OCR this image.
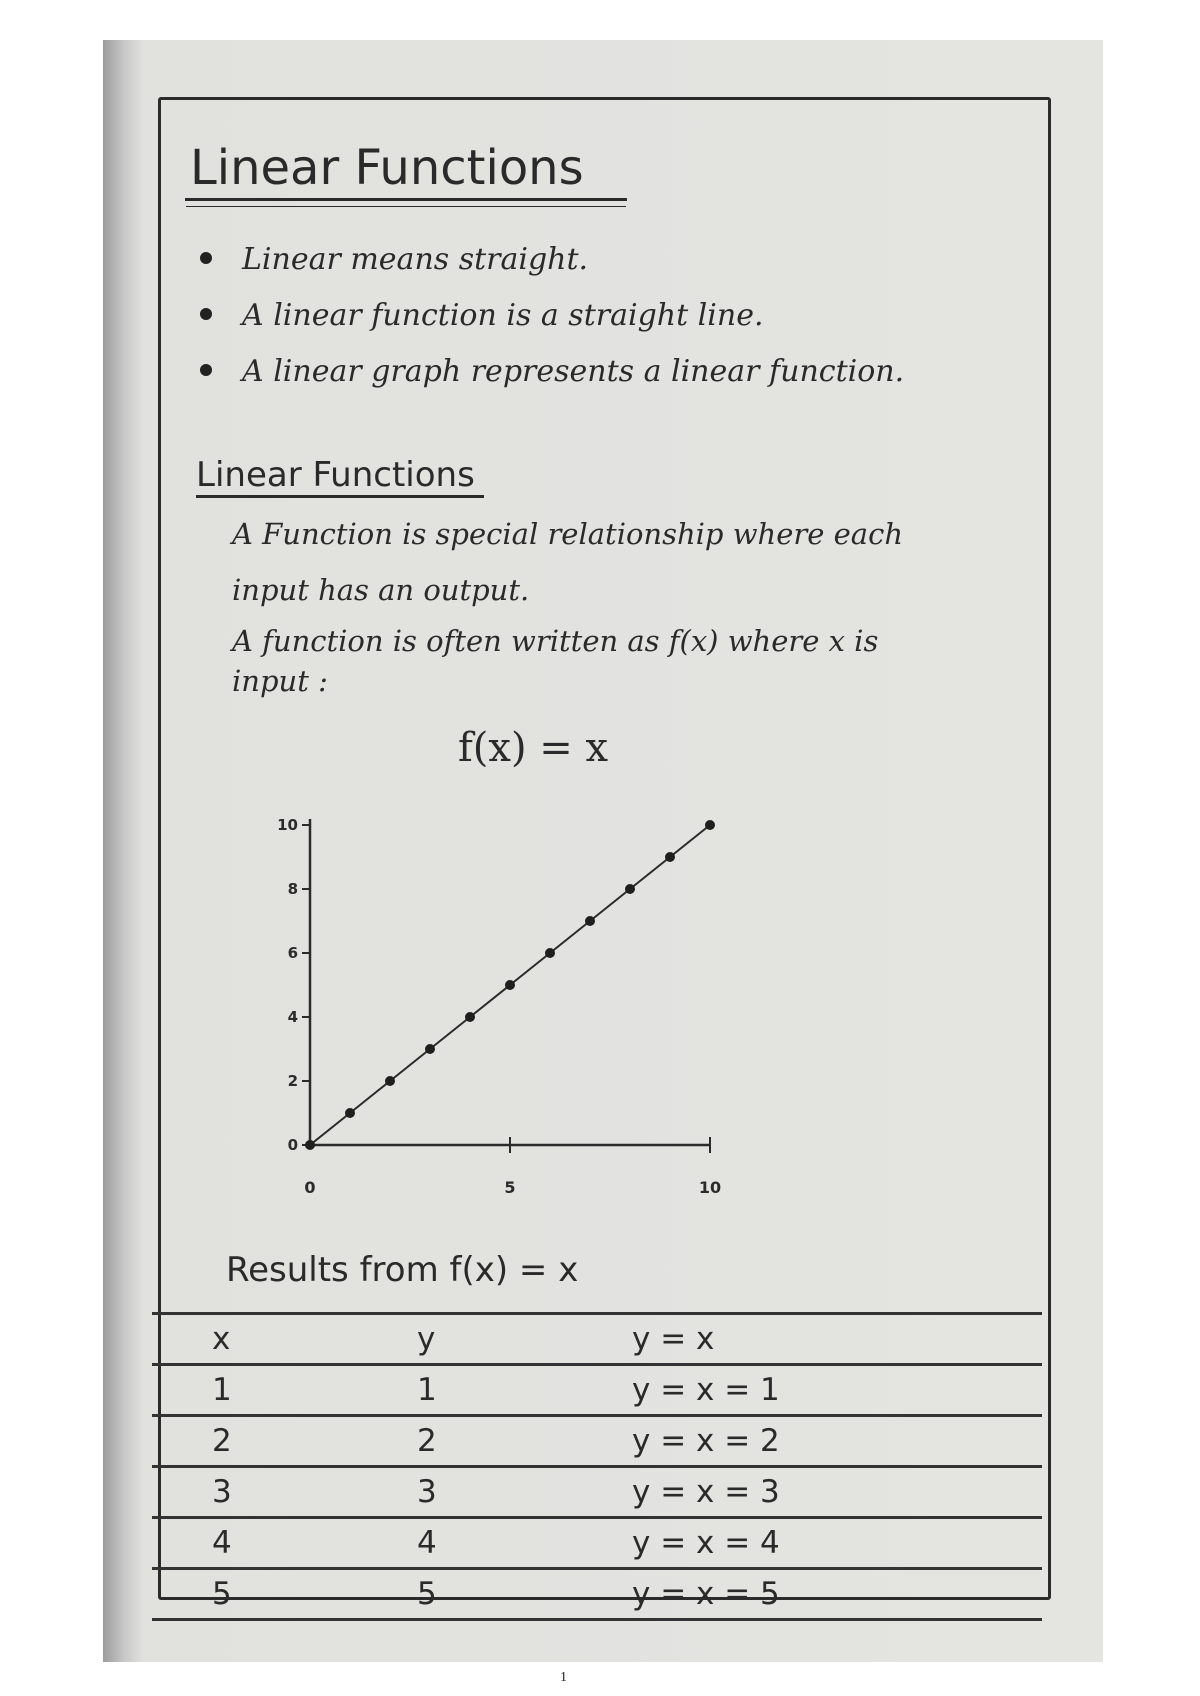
Linear Functions
Linear means straight.
A linear function is a straight line.
A linear graph represents a linear function.
Linear Functions
A Function is special relationship where each
input has an output.
A function is often written as f(x) where x is
input :
f(x) = x
0
2
4
6
8
10
0	5	10
Results from f(x) = x
x	y	y = x
1	1	y = x = 1
2	2	y = x = 2
3	3	y = x = 3
4	4	y = x = 4
5	5	y = x = 5
1
